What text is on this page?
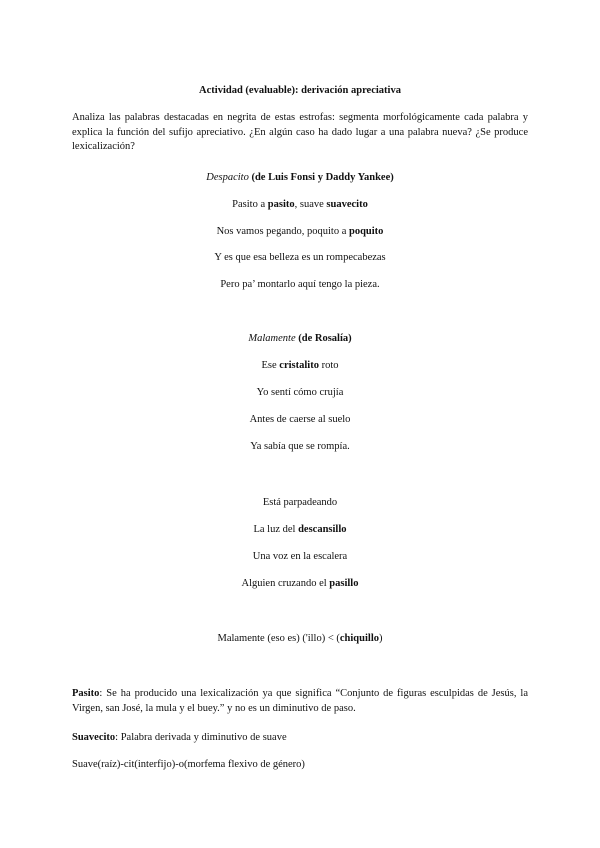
Actividad (evaluable): derivación apreciativa
Analiza las palabras destacadas en negrita de estas estrofas: segmenta morfológicamente cada palabra y explica la función del sufijo apreciativo. ¿En algún caso ha dado lugar a una palabra nueva? ¿Se produce lexicalización?
Despacito (de Luis Fonsi y Daddy Yankee)
Pasito a pasito, suave suavecito
Nos vamos pegando, poquito a poquito
Y es que esa belleza es un rompecabezas
Pero pa’ montarlo aquí tengo la pieza.
Malamente (de Rosalía)
Ese cristalito roto
Yo sentí cómo crujía
Antes de caerse al suelo
Ya sabía que se rompía.
Está parpadeando
La luz del descansillo
Una voz en la escalera
Alguien cruzando el pasillo
Malamente (eso es) ('illo) < (chiquillo)
Pasito: Se ha producido una lexicalización ya que significa “Conjunto de figuras esculpidas de Jesús, la Virgen, san José, la mula y el buey.” y no es un diminutivo de paso.
Suavecito: Palabra derivada y diminutivo de suave
Suave(raíz)-cit(interfijo)-o(morfema flexivo de género)
